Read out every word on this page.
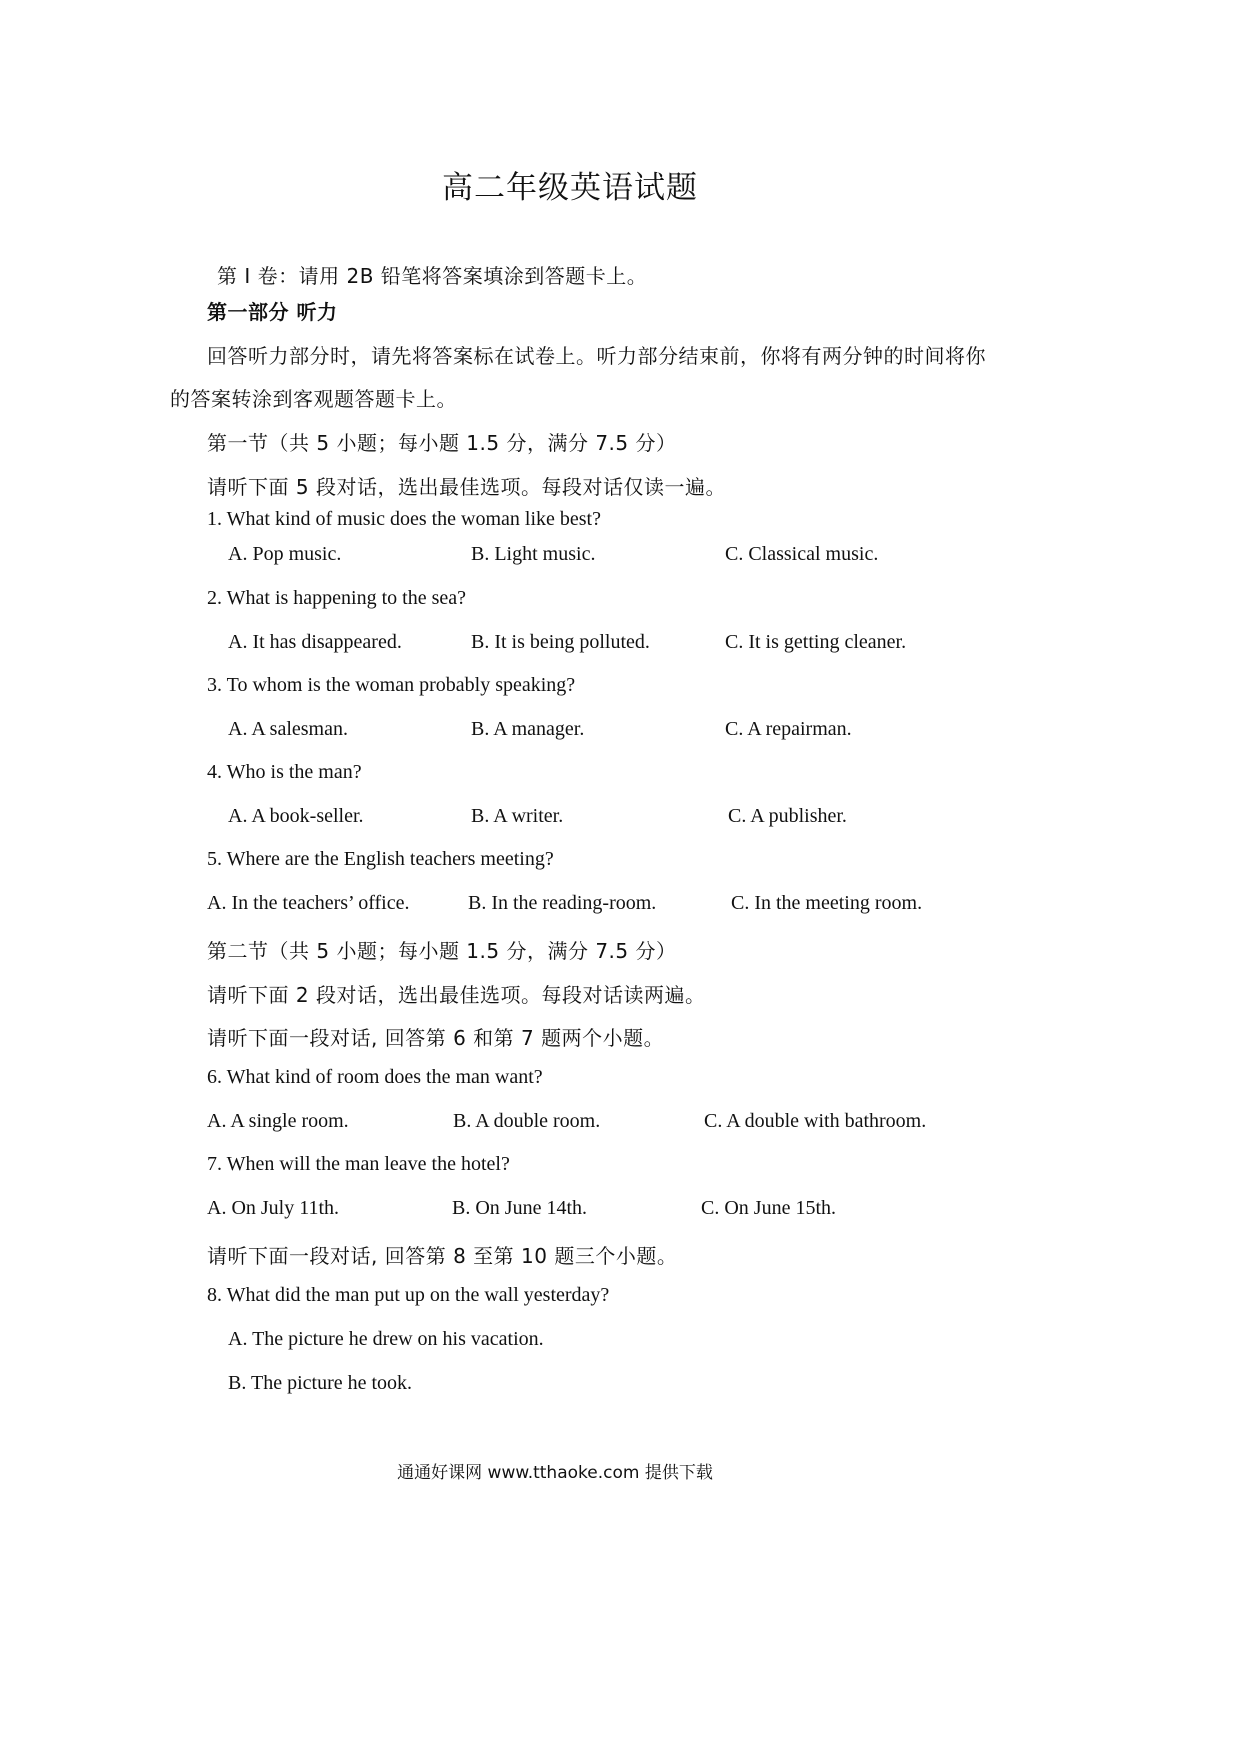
高二年级英语试题
第 I 卷：请用 2B 铅笔将答案填涂到答题卡上。
第一部分 听力
回答听力部分时，请先将答案标在试卷上。听力部分结束前，你将有两分钟的时间将你
的答案转涂到客观题答题卡上。
第一节（共 5 小题；每小题 1.5 分，满分 7.5 分）
请听下面 5 段对话，选出最佳选项。每段对话仅读一遍。
1. What kind of music does the woman like best?
A. Pop music.	B. Light music.	C. Classical music.
2. What is happening to the sea?
A. It has disappeared.	B. It is being polluted.	C. It is getting cleaner.
3. To whom is the woman probably speaking?
A. A salesman.	B. A manager.	C. A repairman.
4. Who is the man?
A. A book-seller.	B. A writer.	C. A publisher.
5. Where are the English teachers meeting?
A. In the teachers’ office.	B. In the reading-room.	C. In the meeting room.
第二节（共 5 小题；每小题 1.5 分，满分 7.5 分）
请听下面 2 段对话，选出最佳选项。每段对话读两遍。
请听下面一段对话, 回答第 6 和第 7 题两个小题。
6. What kind of room does the man want?
A. A single room.	B. A double room.	C. A double with bathroom.
7. When will the man leave the hotel?
A. On July 11th.	B. On June 14th.	C. On June 15th.
请听下面一段对话, 回答第 8 至第 10 题三个小题。
8. What did the man put up on the wall yesterday?
A. The picture he drew on his vacation.
B. The picture he took.
通通好课网 www.tthaoke.com 提供下载
